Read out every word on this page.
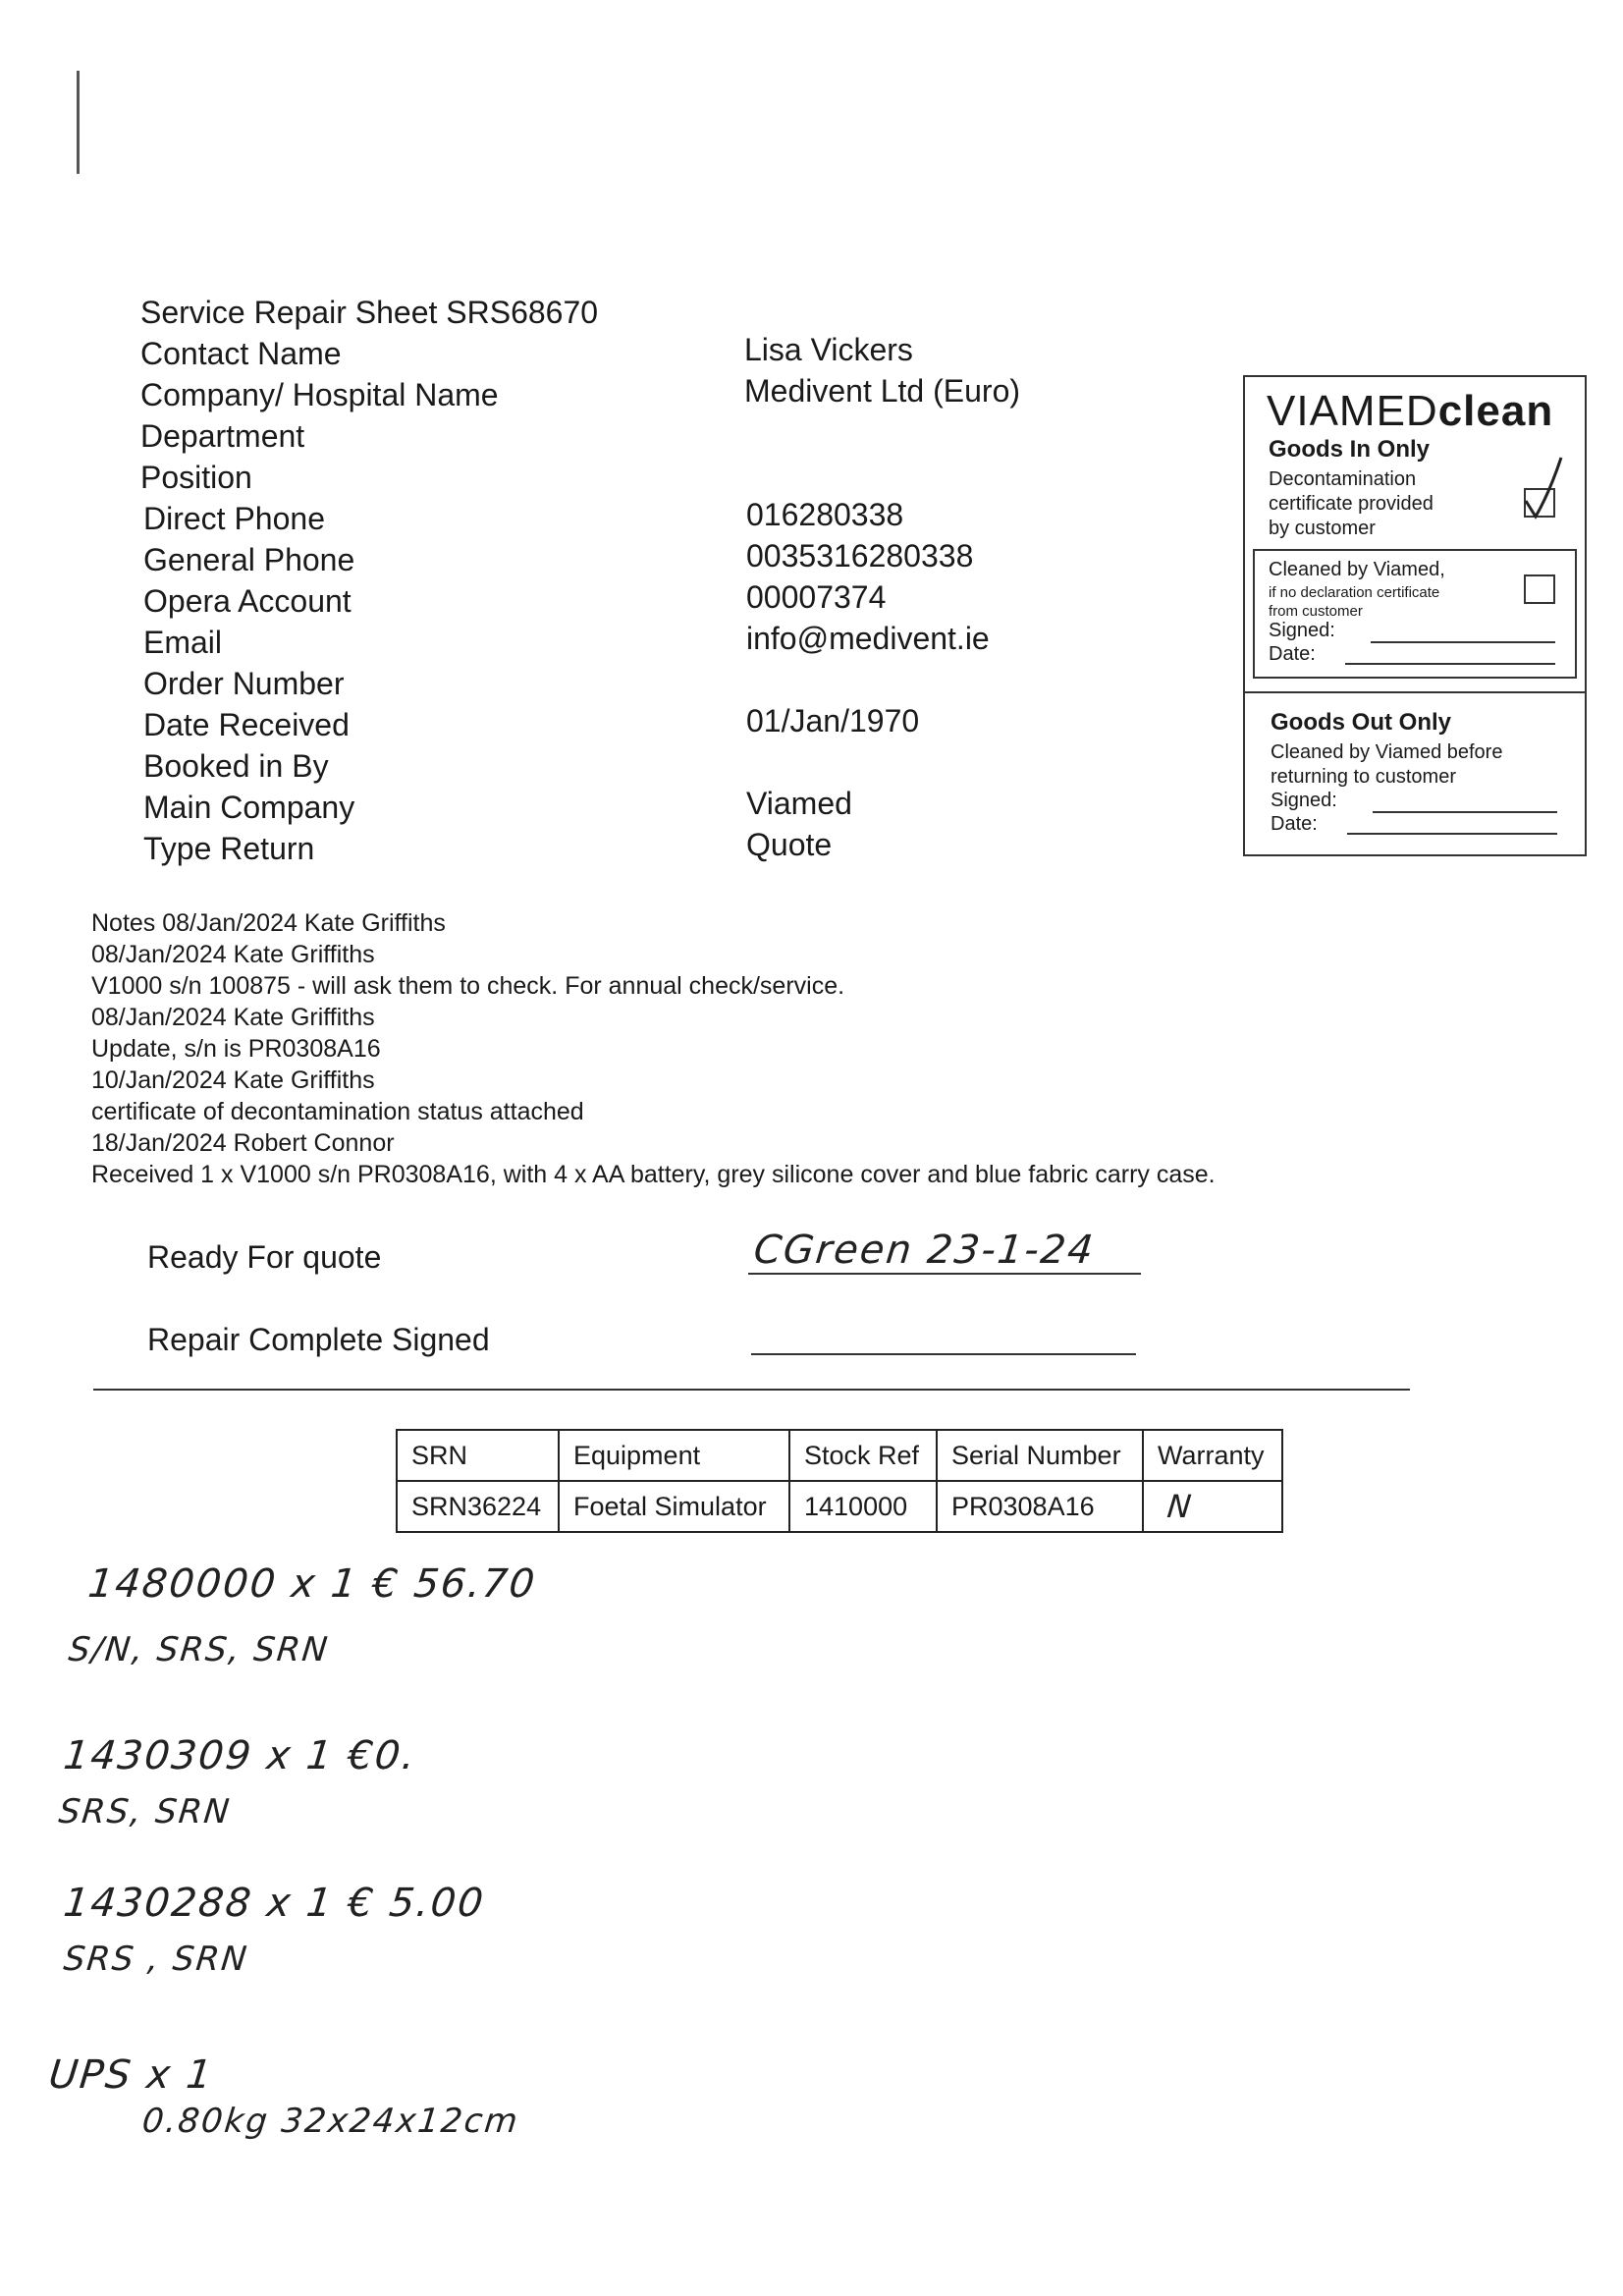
Service Repair Sheet SRS68670
VIAMEDclean
Goods In Only
Decontamination
certificate provided
by customer
Cleaned by Viamed,
if no declaration certificate
from customer
Signed:
Date:
Goods Out Only
Cleaned by Viamed before
returning to customer
Signed:
Date:
Notes 08/Jan/2024 Kate Griffiths
08/Jan/2024 Kate Griffiths
V1000 s/n 100875 - will ask them to check. For annual check/service.
08/Jan/2024 Kate Griffiths
Update, s/n is PR0308A16
10/Jan/2024 Kate Griffiths
certificate of decontamination status attached
18/Jan/2024 Robert Connor
Received 1 x V1000 s/n PR0308A16, with 4 x AA battery, grey silicone cover and blue fabric carry case.
Ready For quote	CGreen 23-1-24
Repair Complete Signed
SRN	Equipment	Stock Ref	Serial Number	Warranty
SRN36224	Foetal Simulator	1410000	PR0308A16	N
Contact Name	Lisa Vickers
Company/ Hospital Name	Medivent Ltd (Euro)
Department
Position
Direct Phone	016280338
General Phone	0035316280338
Opera Account	00007374
Email	info@medivent.ie
Order Number
Date Received	01/Jan/1970
Booked in By
Main Company	Viamed
Type Return	Quote
1480000 x 1 € 56.70
S/N, SRS, SRN
1430309 x 1 €0.
SRS, SRN
1430288 x 1 € 5.00
SRS , SRN
UPS x 1
0.80kg 32x24x12cm
